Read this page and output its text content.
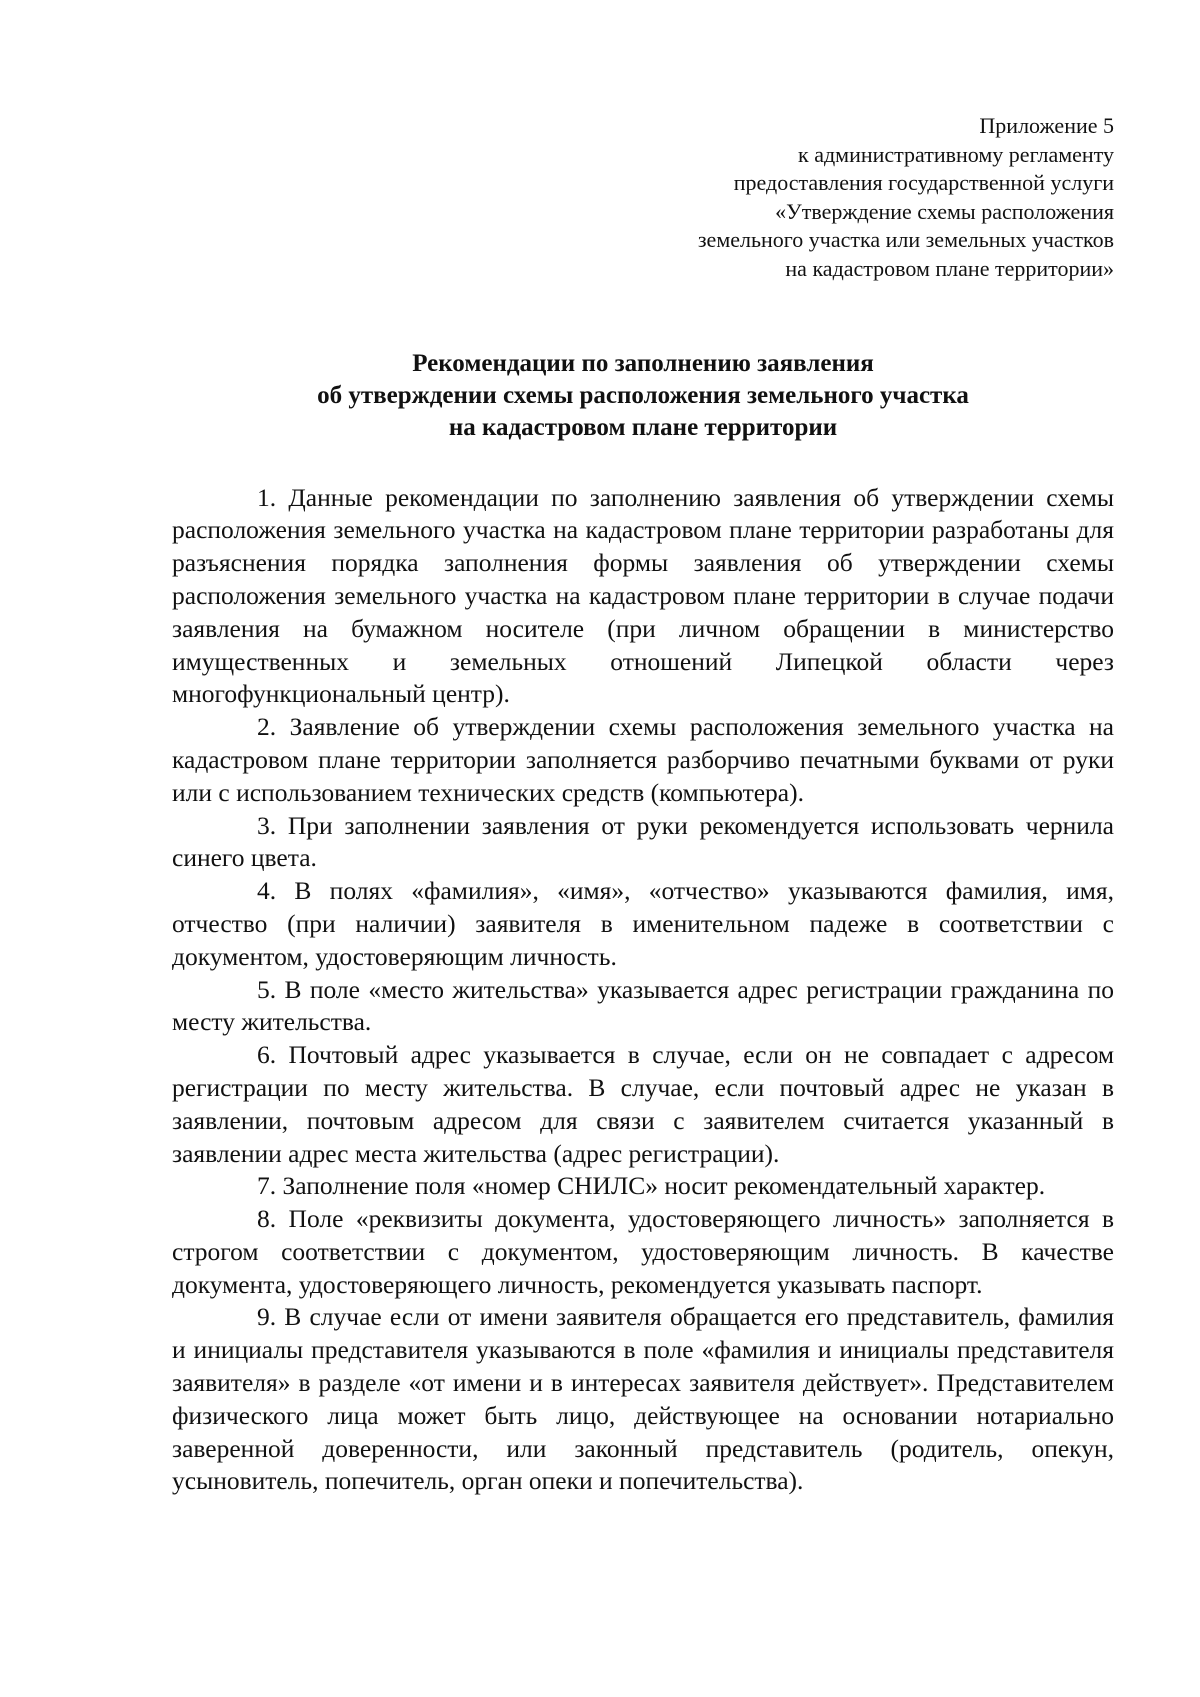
Приложение 5
к административному регламенту
предоставления государственной услуги
«Утверждение схемы расположения
земельного участка или земельных участков
на кадастровом плане территории»
Рекомендации по заполнению заявления
об утверждении схемы расположения земельного участка
на кадастровом плане территории

1. Данные рекомендации по заполнению заявления об утверждении схемы расположения земельного участка на кадастровом плане территории разработаны для разъяснения порядка заполнения формы заявления об утверждении схемы расположения земельного участка на кадастровом плане территории в случае подачи заявления на бумажном носителе (при личном обращении в министерство имущественных и земельных отношений Липецкой области через многофункциональный центр).

2. Заявление об утверждении схемы расположения земельного участка на кадастровом плане территории заполняется разборчиво печатными буквами от руки или с использованием технических средств (компьютера).

3. При заполнении заявления от руки рекомендуется использовать чернила синего цвета.

4. В полях «фамилия», «имя», «отчество» указываются фамилия, имя, отчество (при наличии) заявителя в именительном падеже в соответствии с документом, удостоверяющим личность.

5. В поле «место жительства» указывается адрес регистрации гражданина по месту жительства.

6. Почтовый адрес указывается в случае, если он не совпадает с адресом регистрации по месту жительства. В случае, если почтовый адрес не указан в заявлении, почтовым адресом для связи с заявителем считается указанный в заявлении адрес места жительства (адрес регистрации).

7. Заполнение поля «номер СНИЛС» носит рекомендательный характер.

8. Поле «реквизиты документа, удостоверяющего личность» заполняется в строгом соответствии с документом, удостоверяющим личность. В качестве документа, удостоверяющего личность, рекомендуется указывать паспорт.

9. В случае если от имени заявителя обращается его представитель, фамилия и инициалы представителя указываются в поле «фамилия и инициалы представителя заявителя» в разделе «от имени и в интересах заявителя действует». Представителем физического лица может быть лицо, действующее на основании нотариально заверенной доверенности, или законный представитель (родитель, опекун, усыновитель, попечитель, орган опеки и попечительства).
